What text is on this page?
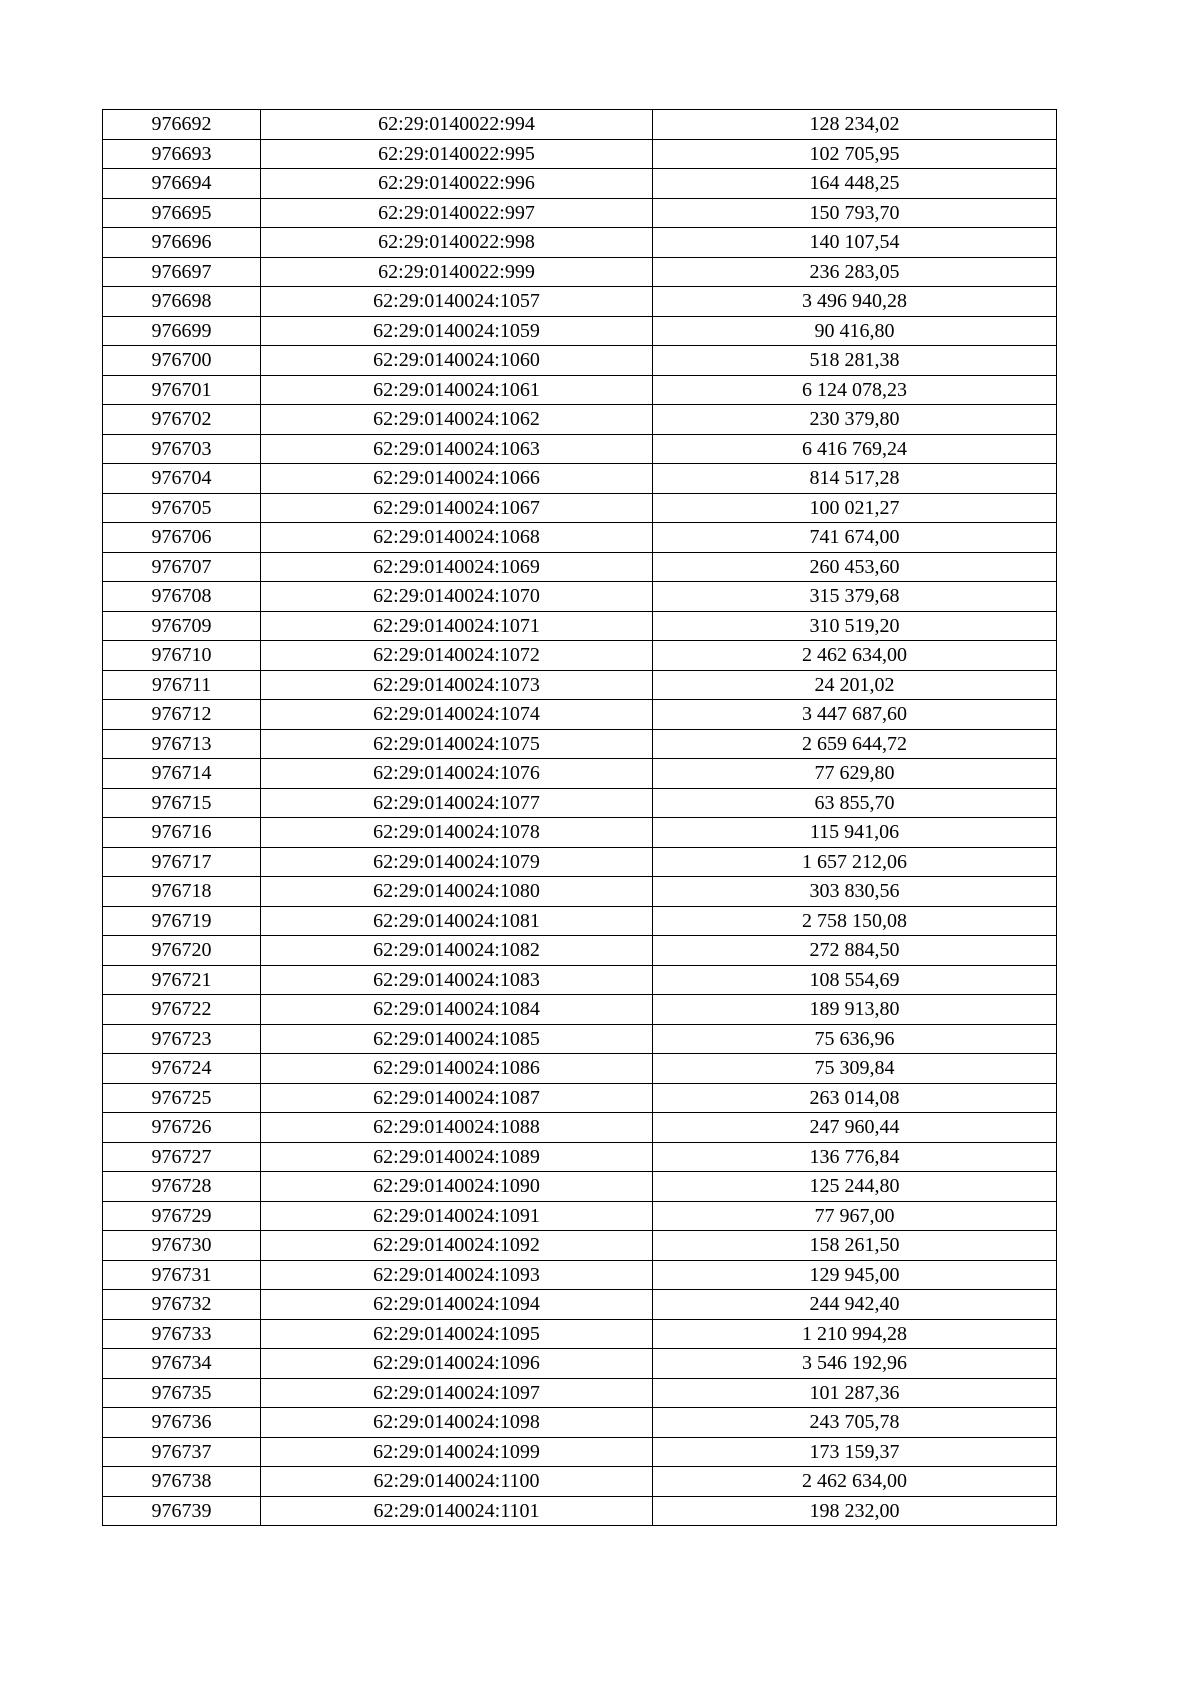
976692	62:29:0140022:994	128 234,02
976693	62:29:0140022:995	102 705,95
976694	62:29:0140022:996	164 448,25
976695	62:29:0140022:997	150 793,70
976696	62:29:0140022:998	140 107,54
976697	62:29:0140022:999	236 283,05
976698	62:29:0140024:1057	3 496 940,28
976699	62:29:0140024:1059	90 416,80
976700	62:29:0140024:1060	518 281,38
976701	62:29:0140024:1061	6 124 078,23
976702	62:29:0140024:1062	230 379,80
976703	62:29:0140024:1063	6 416 769,24
976704	62:29:0140024:1066	814 517,28
976705	62:29:0140024:1067	100 021,27
976706	62:29:0140024:1068	741 674,00
976707	62:29:0140024:1069	260 453,60
976708	62:29:0140024:1070	315 379,68
976709	62:29:0140024:1071	310 519,20
976710	62:29:0140024:1072	2 462 634,00
976711	62:29:0140024:1073	24 201,02
976712	62:29:0140024:1074	3 447 687,60
976713	62:29:0140024:1075	2 659 644,72
976714	62:29:0140024:1076	77 629,80
976715	62:29:0140024:1077	63 855,70
976716	62:29:0140024:1078	115 941,06
976717	62:29:0140024:1079	1 657 212,06
976718	62:29:0140024:1080	303 830,56
976719	62:29:0140024:1081	2 758 150,08
976720	62:29:0140024:1082	272 884,50
976721	62:29:0140024:1083	108 554,69
976722	62:29:0140024:1084	189 913,80
976723	62:29:0140024:1085	75 636,96
976724	62:29:0140024:1086	75 309,84
976725	62:29:0140024:1087	263 014,08
976726	62:29:0140024:1088	247 960,44
976727	62:29:0140024:1089	136 776,84
976728	62:29:0140024:1090	125 244,80
976729	62:29:0140024:1091	77 967,00
976730	62:29:0140024:1092	158 261,50
976731	62:29:0140024:1093	129 945,00
976732	62:29:0140024:1094	244 942,40
976733	62:29:0140024:1095	1 210 994,28
976734	62:29:0140024:1096	3 546 192,96
976735	62:29:0140024:1097	101 287,36
976736	62:29:0140024:1098	243 705,78
976737	62:29:0140024:1099	173 159,37
976738	62:29:0140024:1100	2 462 634,00
976739	62:29:0140024:1101	198 232,00
